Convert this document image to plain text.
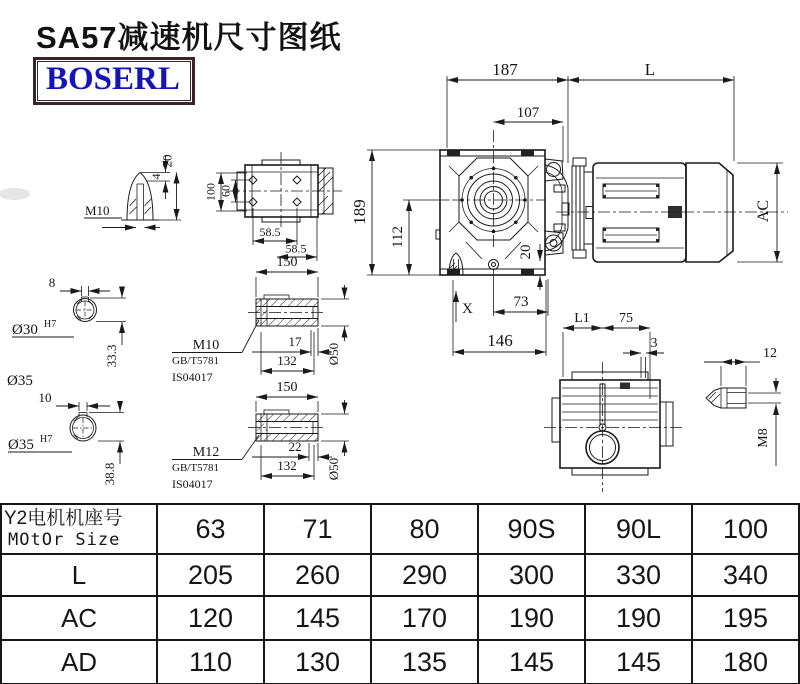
187	L
107
189
112
AC
20
X	73
146
L1 75
3
12
M8
M10
4
20
100 60
58.5
58.5
8
Ø30 H7
33.3
Ø35
150
17
132 Ø50
M10
GB/T5781
IS04017
10
Ø35 H7
38.8
150
22
132 Ø50
M12
GB/T5781
IS04017
SA57减速机尺寸图纸
BOSERL
Y2电机机座号
MOtOr Size	63	71	80	90S	90L	100
L	205	260	290	300	330	340
AC	120	145	170	190	190	195
AD	110	130	135	145	145	180
